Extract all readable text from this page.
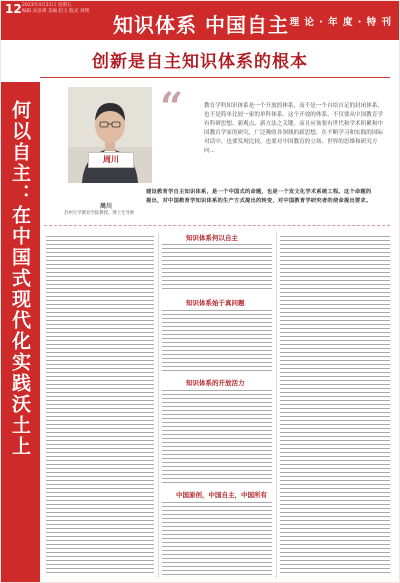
12 2023年4月21日 星期五
编辑 宋彦祺 美编 赵玉 版式 刘翔
知识体系 中国自主 理 论 · 年 度 · 特 刊
创新是自主知识体系的根本
何以自主：在中国式现代化实践沃土上	周川
周川
苏州大学教育学院教授、博士生导师
“	教育学科知识体系是一个开放的体系，而不是一个自给自足的封闭体系，也不是简单比较一家的单科体系。这个开放的体系，不仅要从中国教育学有科研思想、新观点、新方法之关键，而且应该要有世代和学术积累和中国教育学家的研究，广泛吸收各领域的新思想，在不断学习和实践的国际对话中，也要发现比较，也要对中国教育的立场、世界的思维和研究方向...
建设教育学自主知识体系，是一个中国式的命题，也是一个发文化学术系统工程。这个命题的提出，对中国教育学知识体系的生产方式提出的转变，对中国教育学研究者的使命提出要求。
知识体系何以自主
知识体系始于真问题
知识体系的开放活力
中国原创，中国自主，中国所有
